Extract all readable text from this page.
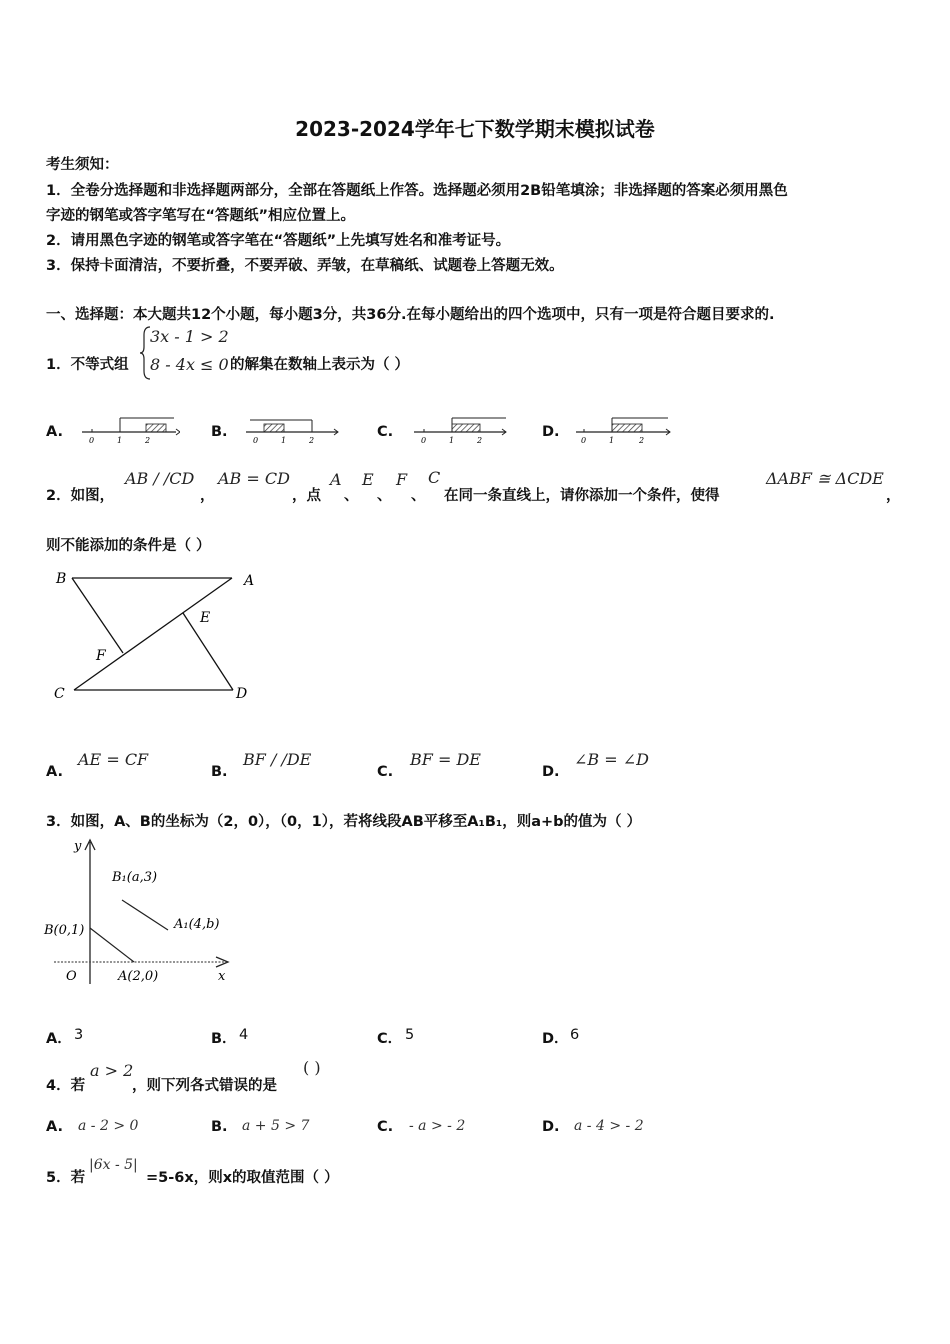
2023-2024学年七下数学期末模拟试卷
考生须知：
1．全卷分选择题和非选择题两部分，全部在答题纸上作答。选择题必须用2B铅笔填涂；非选择题的答案必须用黑色
字迹的钢笔或答字笔写在“答题纸”相应位置上。
2．请用黑色字迹的钢笔或答字笔在“答题纸”上先填写姓名和准考证号。
3．保持卡面清洁，不要折叠，不要弄破、弄皱，在草稿纸、试题卷上答题无效。
一、选择题：本大题共12个小题，每小题3分，共36分.在每小题给出的四个选项中，只有一项是符合题目要求的.
1．不等式组
3x - 1 > 2
8 - 4x ≤ 0 的解集在数轴上表示为（ ）
A.
0	1	2
B.
0	1	2
C.
0	1	2
D.
0	1	2
2．如图，
AB / /CD
，
AB = CD
，点
A
、
E
、
F
、
C
在同一条直线上，请你添加一个条件，使得
ΔABF ≅ ΔCDE
，
则不能添加的条件是（ ）
B	A
E
F
C	D
A.
AE = CF
B.
BF / /DE
C.
BF = DE
D.
∠B = ∠D
3．如图，A、B的坐标为（2，0），（0，1），若将线段AB平移至A₁B₁，则a+b的值为（ ）
y
x
O
B(0,1)
A(2,0)
B₁(a,3)
A₁(4,b)
A． 3	B． 4	C． 5	D． 6
4．若
a > 2
，则下列各式错误的是
( )
A. a - 2 > 0	B. a + 5 > 7	C. - a > - 2	D. a - 4 > - 2
5．若
|6x - 5|
=5-6x，则x的取值范围（ ）
